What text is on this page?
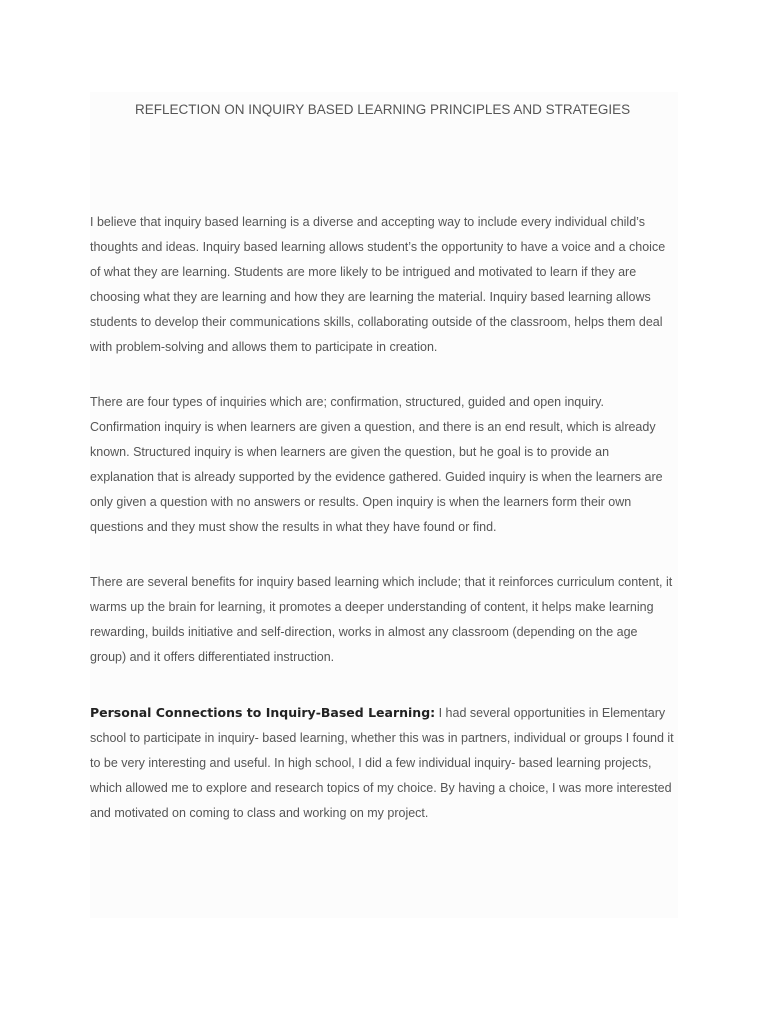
REFLECTION ON INQUIRY BASED LEARNING PRINCIPLES AND STRATEGIES

I believe that inquiry based learning is a diverse and accepting way to include every individual child’s
thoughts and ideas. Inquiry based learning allows student’s the opportunity to have a voice and a choice
of what they are learning. Students are more likely to be intrigued and motivated to learn if they are
choosing what they are learning and how they are learning the material. Inquiry based learning allows
students to develop their communications skills, collaborating outside of the classroom, helps them deal
with problem-solving and allows them to participate in creation.

There are four types of inquiries which are; confirmation, structured, guided and open inquiry.
Confirmation inquiry is when learners are given a question, and there is an end result, which is already
known. Structured inquiry is when learners are given the question, but he goal is to provide an
explanation that is already supported by the evidence gathered. Guided inquiry is when the learners are
only given a question with no answers or results. Open inquiry is when the learners form their own
questions and they must show the results in what they have found or find.

There are several benefits for inquiry based learning which include; that it reinforces curriculum content, it
warms up the brain for learning, it promotes a deeper understanding of content, it helps make learning
rewarding, builds initiative and self-direction, works in almost any classroom (depending on the age
group) and it offers differentiated instruction.

Personal Connections to Inquiry-Based Learning: I had several opportunities in Elementary
school to participate in inquiry- based learning, whether this was in partners, individual or groups I found it
to be very interesting and useful. In high school, I did a few individual inquiry- based learning projects,
which allowed me to explore and research topics of my choice. By having a choice, I was more interested
and motivated on coming to class and working on my project.
